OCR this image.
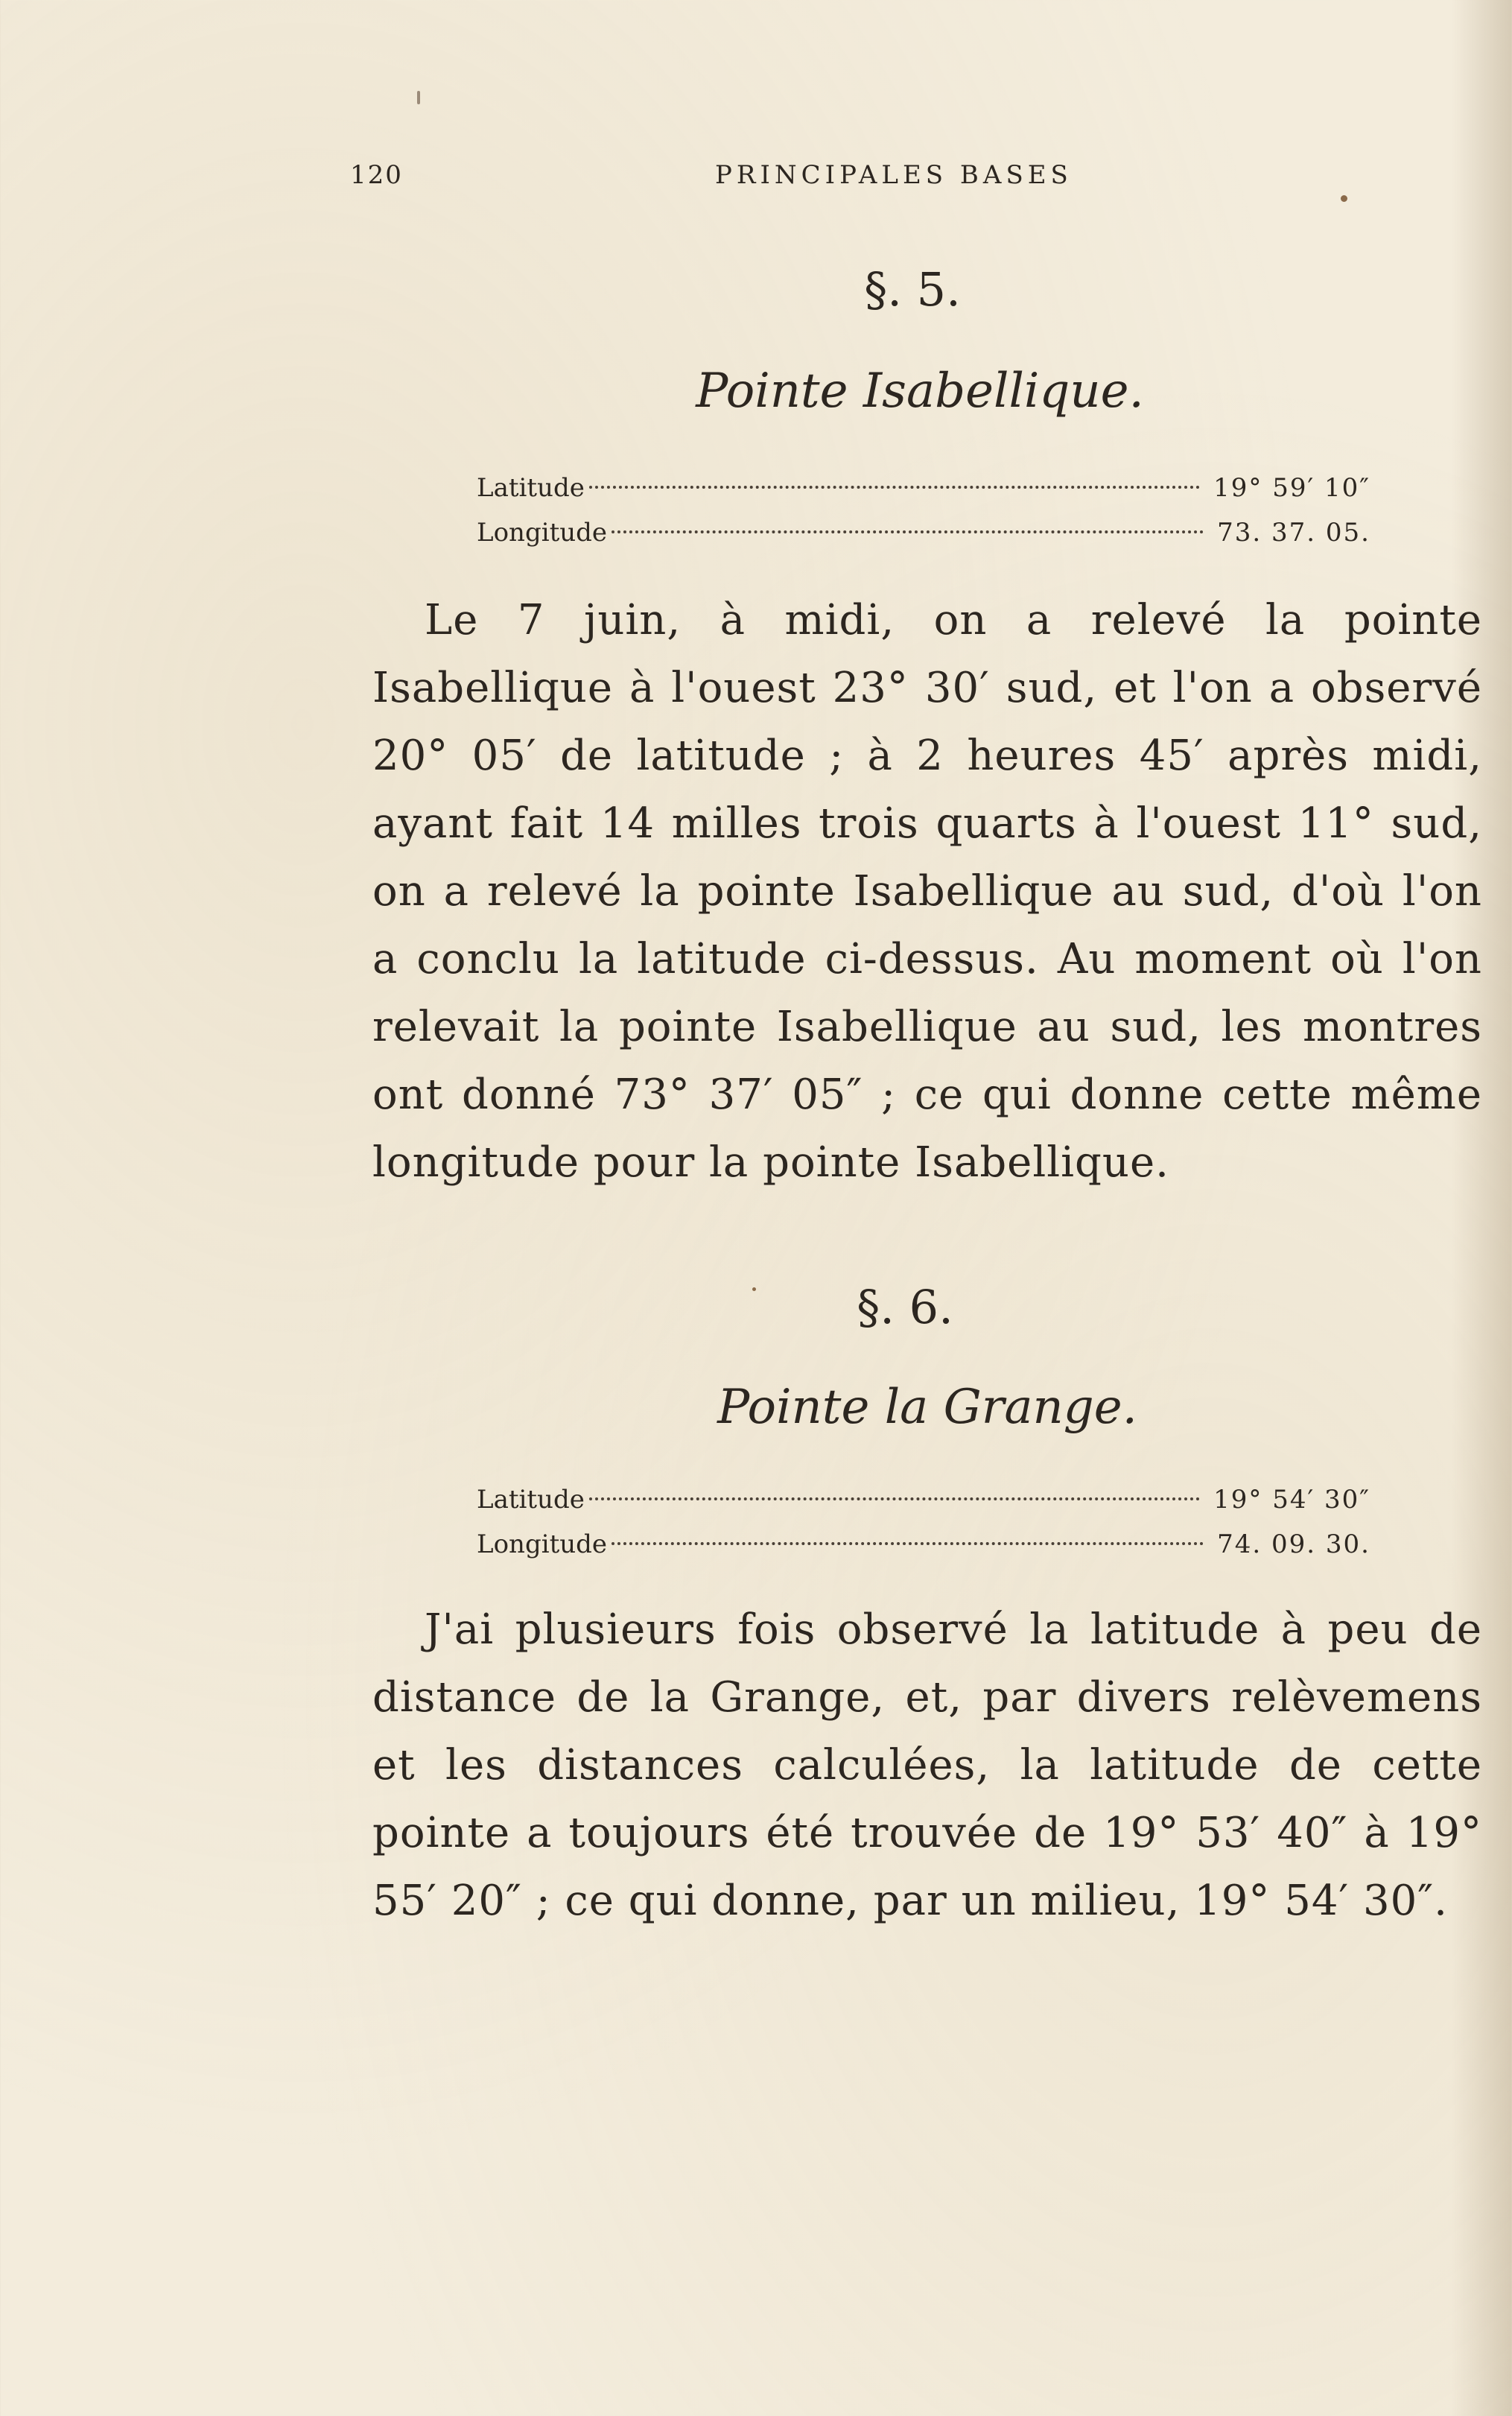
120	PRINCIPALES BASES
§. 5.
Pointe Isabellique.
Latitude	19° 59′ 10″
Longitude	73. 37. 05.

Le 7 juin, à midi, on a relevé la pointe Isabellique à l'ouest 23° 30′ sud, et l'on a observé 20° 05′ de latitude ; à 2 heures 45′ après midi, ayant fait 14 milles trois quarts à l'ouest 11° sud, on a relevé la pointe Isabellique au sud, d'où l'on a conclu la latitude ci-dessus. Au moment où l'on relevait la pointe Isabellique au sud, les montres ont donné 73° 37′ 05″ ; ce qui donne cette même longitude pour la pointe Isabellique.

§. 6.
Pointe la Grange.
Latitude	19° 54′ 30″
Longitude	74. 09. 30.

J'ai plusieurs fois observé la latitude à peu de distance de la Grange, et, par divers relèvemens et les distances calculées, la latitude de cette pointe a toujours été trouvée de 19° 53′ 40″ à 19° 55′ 20″ ; ce qui donne, par un milieu, 19° 54′ 30″.
